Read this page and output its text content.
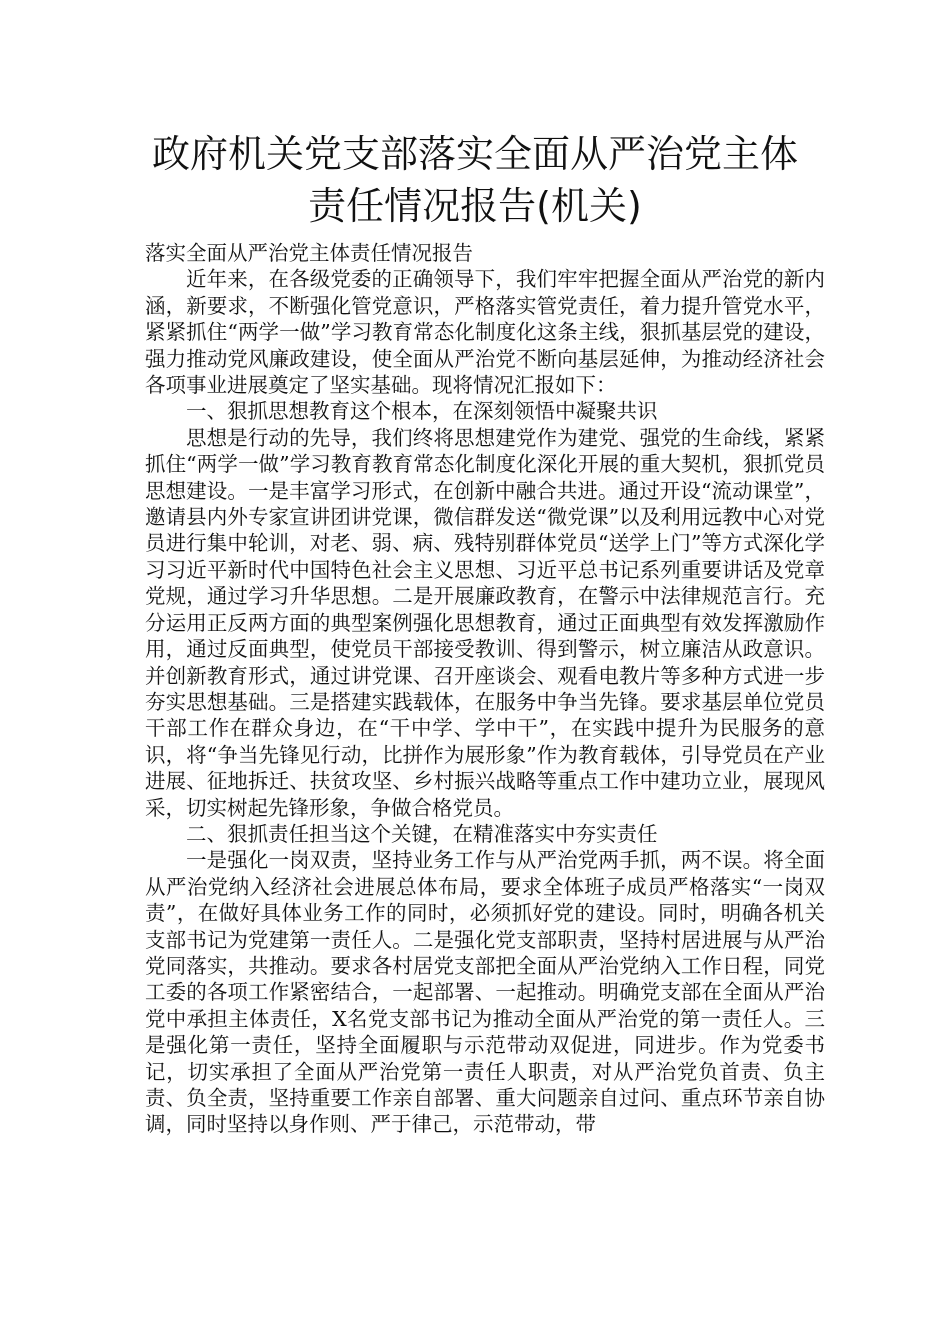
政府机关党支部落实全面从严治党主体
责任情况报告(机关)

落实全面从严治党主体责任情况报告

近年来，在各级党委的正确领导下，我们牢牢把握全面从严治党的新内涵，新要求，不断强化管党意识，严格落实管党责任，着力提升管党水平，紧紧抓住“两学一做”学习教育常态化制度化这条主线，狠抓基层党的建设，强力推动党风廉政建设，使全面从严治党不断向基层延伸，为推动经济社会各项事业进展奠定了坚实基础。现将情况汇报如下：

一、狠抓思想教育这个根本，在深刻领悟中凝聚共识

思想是行动的先导，我们终将思想建党作为建党、强党的生命线，紧紧抓住“两学一做”学习教育教育常态化制度化深化开展的重大契机，狠抓党员思想建设。一是丰富学习形式，在创新中融合共进。通过开设“流动课堂”，邀请县内外专家宣讲团讲党课，微信群发送“微党课”以及利用远教中心对党员进行集中轮训，对老、弱、病、残特别群体党员“送学上门”等方式深化学习习近平新时代中国特色社会主义思想、习近平总书记系列重要讲话及党章党规，通过学习升华思想。二是开展廉政教育，在警示中法律规范言行。充分运用正反两方面的典型案例强化思想教育，通过正面典型有效发挥激励作用，通过反面典型，使党员干部接受教训、得到警示，树立廉洁从政意识。并创新教育形式，通过讲党课、召开座谈会、观看电教片等多种方式进一步夯实思想基础。三是搭建实践载体，在服务中争当先锋。要求基层单位党员干部工作在群众身边，在“干中学、学中干”，在实践中提升为民服务的意识，将“争当先锋见行动，比拼作为展形象”作为教育载体，引导党员在产业进展、征地拆迁、扶贫攻坚、乡村振兴战略等重点工作中建功立业，展现风采，切实树起先锋形象，争做合格党员。

二、狠抓责任担当这个关键，在精准落实中夯实责任

一是强化一岗双责，坚持业务工作与从严治党两手抓，两不误。将全面从严治党纳入经济社会进展总体布局，要求全体班子成员严格落实“一岗双责”，在做好具体业务工作的同时，必须抓好党的建设。同时，明确各机关支部书记为党建第一责任人。二是强化党支部职责，坚持村居进展与从严治党同落实，共推动。要求各村居党支部把全面从严治党纳入工作日程，同党工委的各项工作紧密结合，一起部署、一起推动。明确党支部在全面从严治党中承担主体责任，X名党支部书记为推动全面从严治党的第一责任人。三是强化第一责任，坚持全面履职与示范带动双促进，同进步。作为党委书记，切实承担了全面从严治党第一责任人职责，对从严治党负首责、负主责、负全责，坚持重要工作亲自部署、重大问题亲自过问、重点环节亲自协调，同时坚持以身作则、严于律己，示范带动，带
